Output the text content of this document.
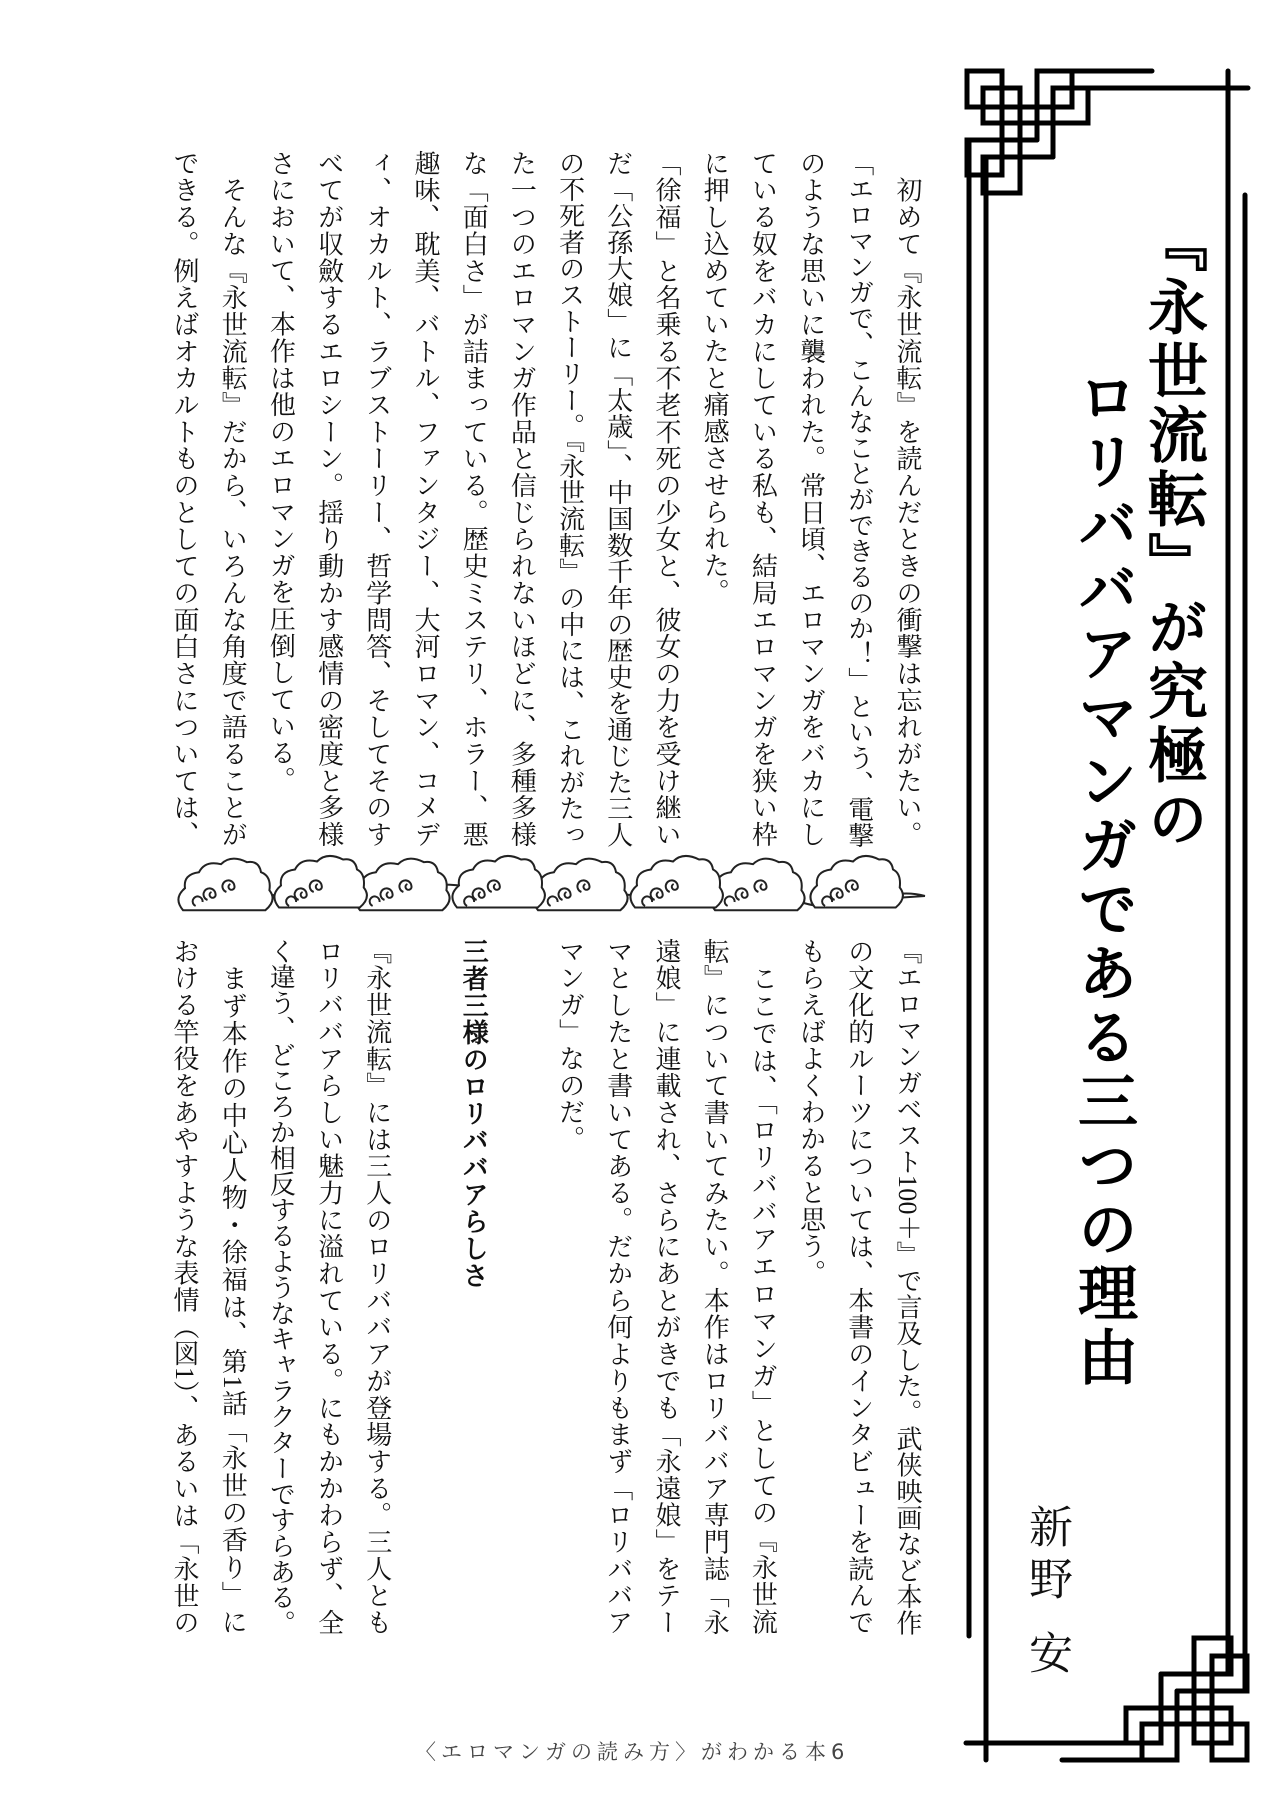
『永世流転』が究極の
ロリババアマンガである三つの理由
新野 安
　初めて『永世流転』を読んだときの衝撃は忘れがたい。
「エロマンガで、こんなことができるのか！」という、電撃
のような思いに襲われた。常日頃、エロマンガをバカにし
ている奴をバカにしている私も、結局エロマンガを狭い枠
に押し込めていたと痛感させられた。
「徐福」と名乗る不老不死の少女と、彼女の力を受け継い
だ「公孫大娘」に「太歳」、中国数千年の歴史を通じた三人
の不死者のストーリー。『永世流転』の中には、これがたっ
た一つのエロマンガ作品と信じられないほどに、多種多様
な「面白さ」が詰まっている。歴史ミステリ、ホラー、悪
趣味、耽美、バトル、ファンタジー、大河ロマン、コメデ
ィ、オカルト、ラブストーリー、哲学問答、そしてそのす
べてが収斂するエロシーン。揺り動かす感情の密度と多様
さにおいて、本作は他のエロマンガを圧倒している。
　そんな『永世流転』だから、いろんな角度で語ることが
できる。例えばオカルトものとしての面白さについては、
『エロマンガベスト100＋』で言及した。武侠映画など本作
の文化的ルーツについては、本書のインタビューを読んで
もらえばよくわかると思う。
　ここでは、「ロリババアエロマンガ」としての『永世流
転』について書いてみたい。本作はロリババア専門誌「永
遠娘」に連載され、さらにあとがきでも「永遠娘」をテー
マとしたと書いてある。だから何よりもまず「ロリババア
マンガ」なのだ。
三者三様のロリババアらしさ
『永世流転』には三人のロリババアが登場する。三人とも
ロリババアらしい魅力に溢れている。にもかかわらず、全
く違う、どころか相反するようなキャラクターですらある。
　まず本作の中心人物・徐福は、第1話「永世の香り」に
おける竿役をあやすような表情（図1）、あるいは「永世の
〈エロマンガの読み方〉がわかる本6
